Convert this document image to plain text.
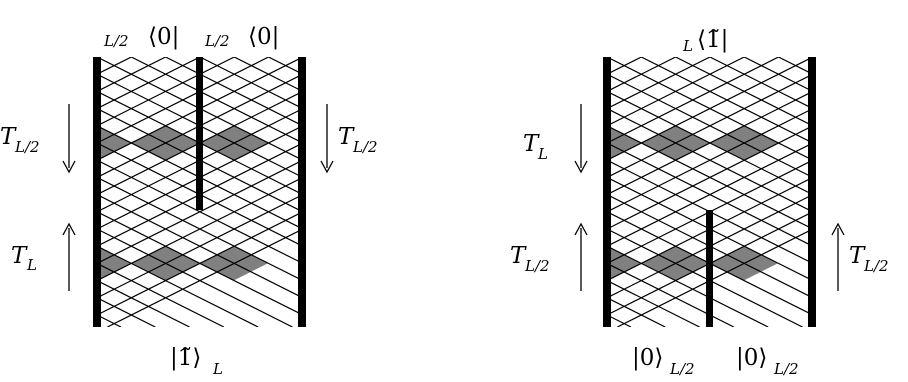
L/2 ⟨0| L/2 ⟨0|
|1̃⟩ L
T L/2
T L
T L/2
L ⟨1̃|
|0⟩ L/2 |0⟩ L/2
T L
T L/2	T L/2
